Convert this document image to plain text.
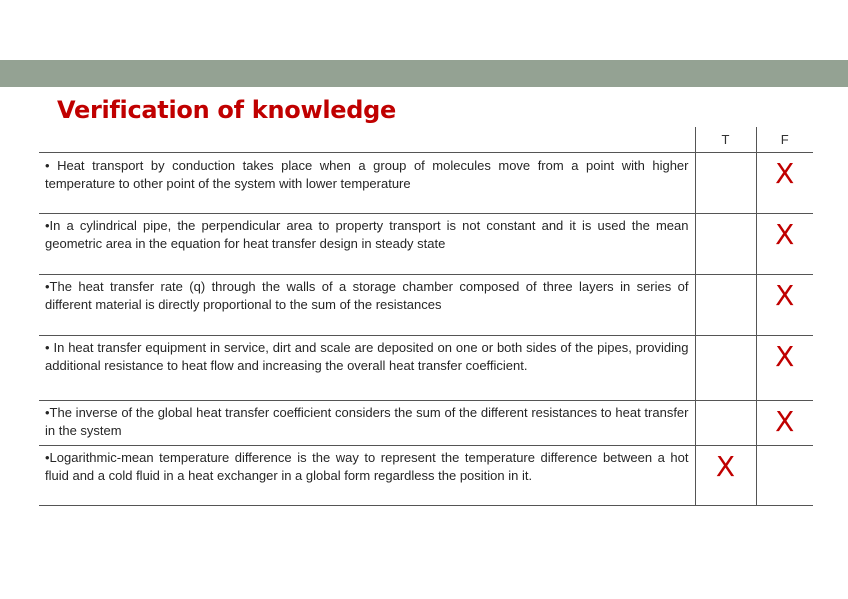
Verification of knowledge
	T	F
• Heat transport by conduction takes place when a group of molecules move from a point with higher temperature to other point of the system with lower temperature		X
•In a cylindrical pipe, the perpendicular area to property transport is not constant and it is used the mean geometric area in the equation for heat transfer design in steady state		X
•The heat transfer rate (q) through the walls of a storage chamber composed of three layers in series of different material is directly proportional to the sum of the resistances		X
• In heat transfer equipment in service, dirt and scale are deposited on one or both sides of the pipes, providing additional resistance to heat flow and increasing the overall heat transfer coefficient.		X
•The inverse of the global heat transfer coefficient considers the sum of the different resistances to heat transfer in the system		X
•Logarithmic-mean temperature difference is the way to represent the temperature difference between a hot fluid and a cold fluid in a heat exchanger in a global form regardless the position in it.	X	
